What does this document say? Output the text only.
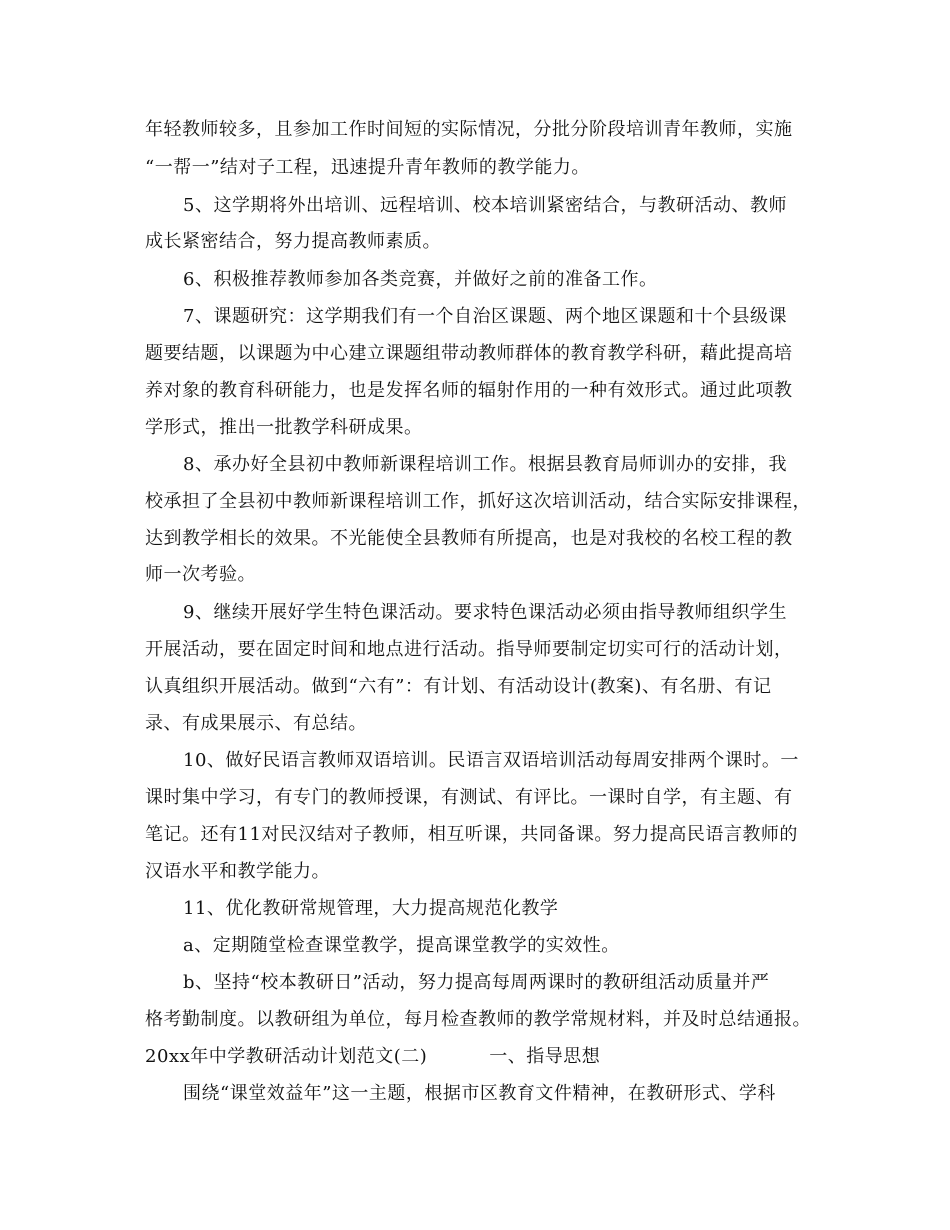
年轻教师较多，且参加工作时间短的实际情况，分批分阶段培训青年教师，实施
“一帮一”结对子工程，迅速提升青年教师的教学能力。
5、这学期将外出培训、远程培训、校本培训紧密结合，与教研活动、教师
成长紧密结合，努力提高教师素质。
6、积极推荐教师参加各类竞赛，并做好之前的准备工作。
7、课题研究：这学期我们有一个自治区课题、两个地区课题和十个县级课
题要结题，以课题为中心建立课题组带动教师群体的教育教学科研，藉此提高培
养对象的教育科研能力，也是发挥名师的辐射作用的一种有效形式。通过此项教
学形式，推出一批教学科研成果。
8、承办好全县初中教师新课程培训工作。根据县教育局师训办的安排，我
校承担了全县初中教师新课程培训工作，抓好这次培训活动，结合实际安排课程，
达到教学相长的效果。不光能使全县教师有所提高，也是对我校的名校工程的教
师一次考验。
9、继续开展好学生特色课活动。要求特色课活动必须由指导教师组织学生
开展活动，要在固定时间和地点进行活动。指导师要制定切实可行的活动计划，
认真组织开展活动。做到“六有”：有计划、有活动设计(教案)、有名册、有记
录、有成果展示、有总结。
10、做好民语言教师双语培训。民语言双语培训活动每周安排两个课时。一
课时集中学习，有专门的教师授课，有测试、有评比。一课时自学，有主题、有
笔记。还有11对民汉结对子教师，相互听课，共同备课。努力提高民语言教师的
汉语水平和教学能力。
11、优化教研常规管理，大力提高规范化教学
a、定期随堂检查课堂教学，提高课堂教学的实效性。
b、坚持“校本教研日”活动，努力提高每周两课时的教研组活动质量并严
格考勤制度。以教研组为单位，每月检查教师的教学常规材料，并及时总结通报。
20xx年中学教研活动计划范文(二)	一、指导思想
围绕“课堂效益年”这一主题，根据市区教育文件精神，在教研形式、学科
